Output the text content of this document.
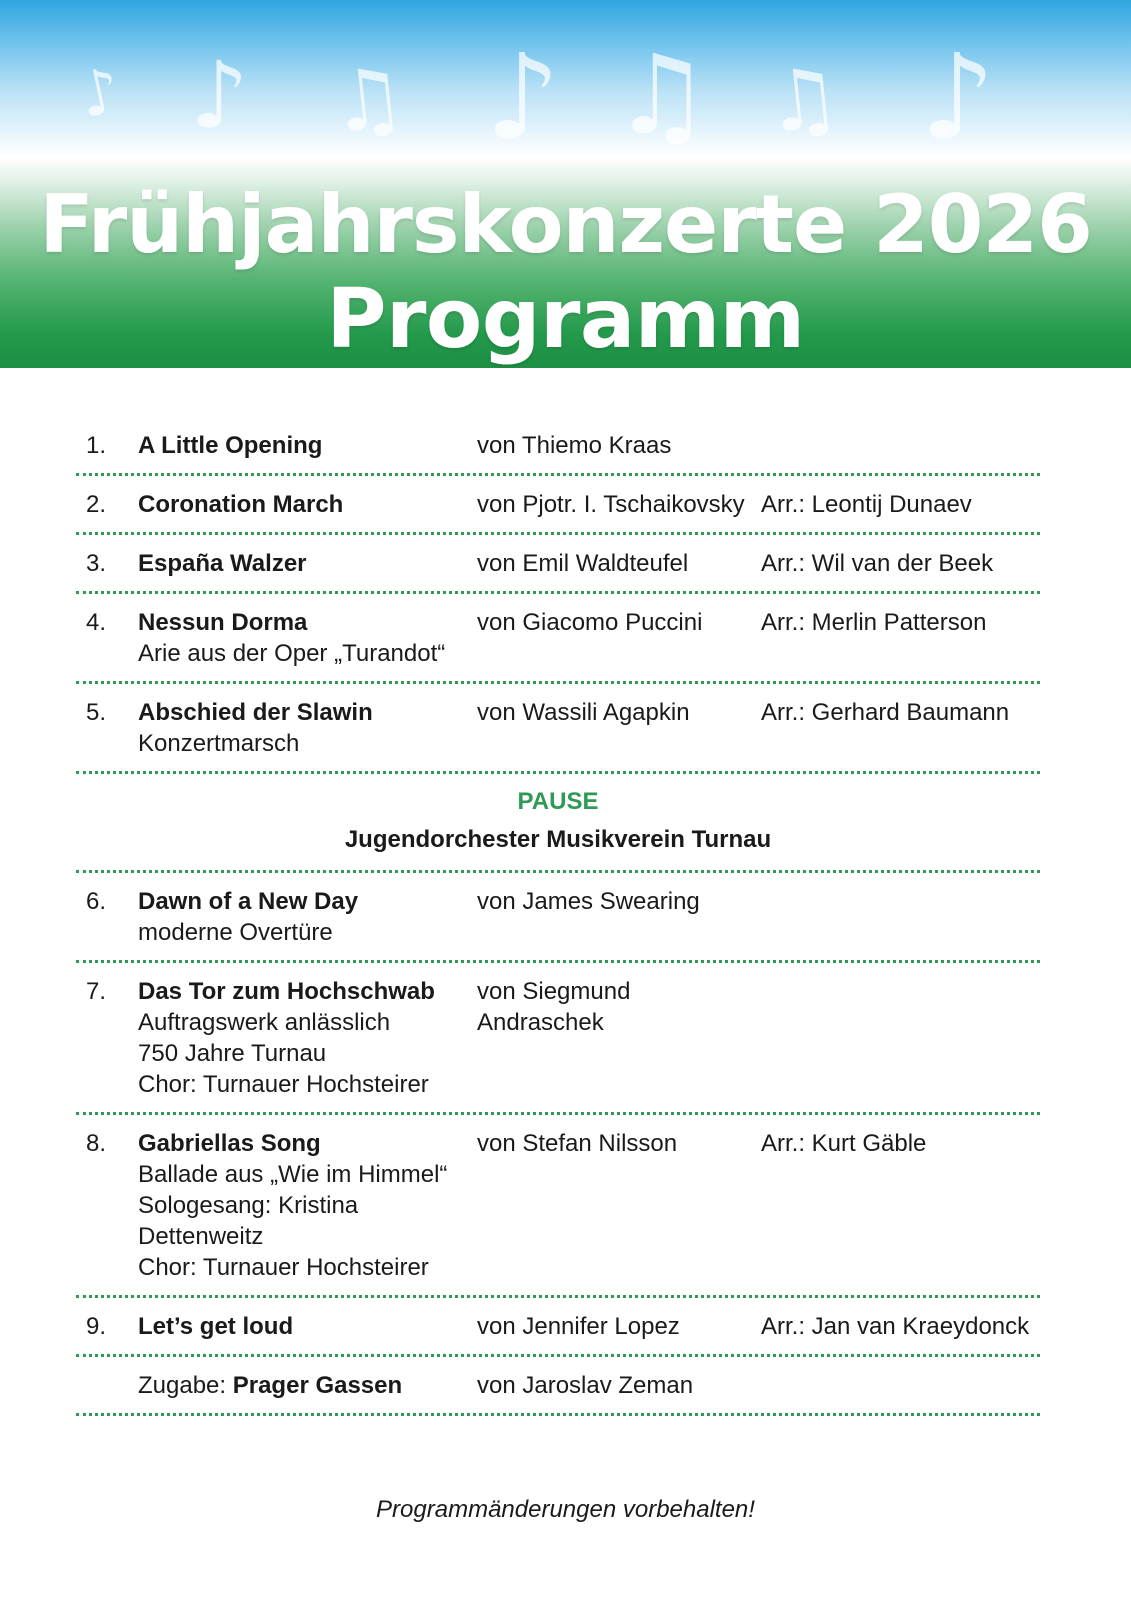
♪ ♪ ♫ ♪ ♫ ♫ ♪
Frühjahrskonzerte 2026
Programm
1.	A Little Opening	von Thiemo Kraas
2.	Coronation March	von Pjotr. I. Tschaikovsky Arr.: Leontij Dunaev
3.	España Walzer	von Emil Waldteufel	Arr.: Wil van der Beek
4.	Nessun Dorma
Arie aus der Oper „Turandot“
von Giacomo Puccini	Arr.: Merlin Patterson
5.	Abschied der Slawin
Konzertmarsch
von Wassili Agapkin	Arr.: Gerhard Baumann
PAUSE
Jugendorchester Musikverein Turnau
6.	Dawn of a New Day
moderne Overtüre
von James Swearing
7.	Das Tor zum Hochschwab
Auftragswerk anlässlich
750 Jahre Turnau
Chor: Turnauer Hochsteirer
von Siegmund Andraschek
8.	Gabriellas Song
Ballade aus „Wie im Himmel“
Sologesang: Kristina Dettenweitz
Chor: Turnauer Hochsteirer
von Stefan Nilsson	Arr.: Kurt Gäble
9.	Let’s get loud	von Jennifer Lopez	Arr.: Jan van Kraeydonck
Zugabe: Prager Gassen	von Jaroslav Zeman
Programmänderungen vorbehalten!
